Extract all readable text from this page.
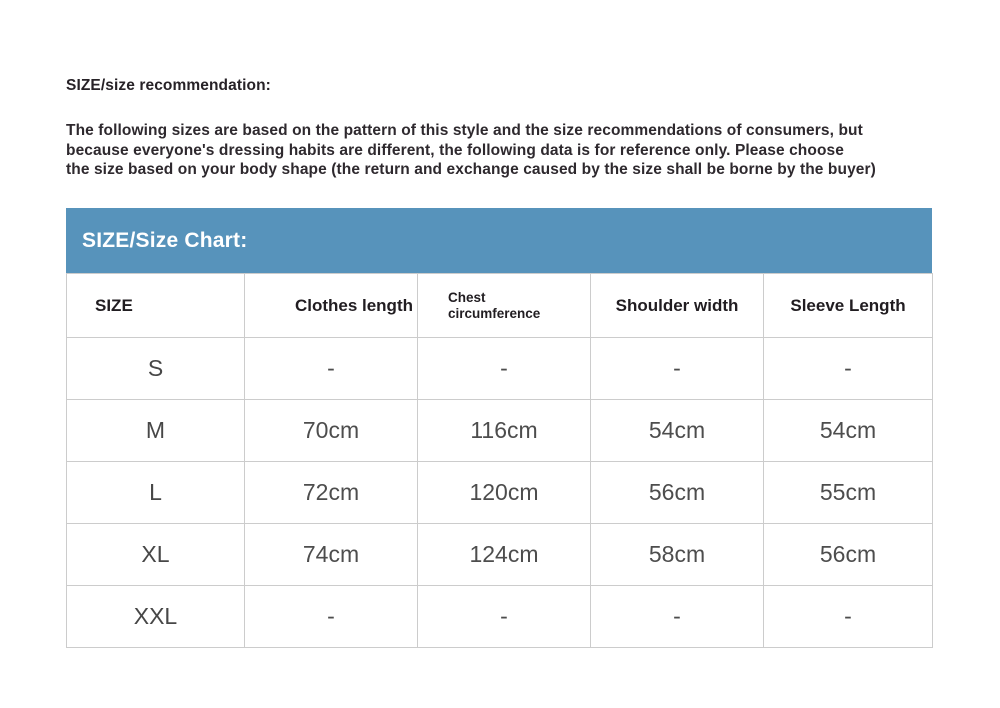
SIZE/size recommendation:
The following sizes are based on the pattern of this style and the size recommendations of consumers, but
because everyone's dressing habits are different, the following data is for reference only. Please choose
the size based on your body shape (the return and exchange caused by the size shall be borne by the buyer)
SIZE/Size Chart:
SIZE	Clothes length	Chest circumference	Shoulder width	Sleeve Length
S	-	-	-	-
M	70cm	116cm	54cm	54cm
L	72cm	120cm	56cm	55cm
XL	74cm	124cm	58cm	56cm
XXL	-	-	-	-
